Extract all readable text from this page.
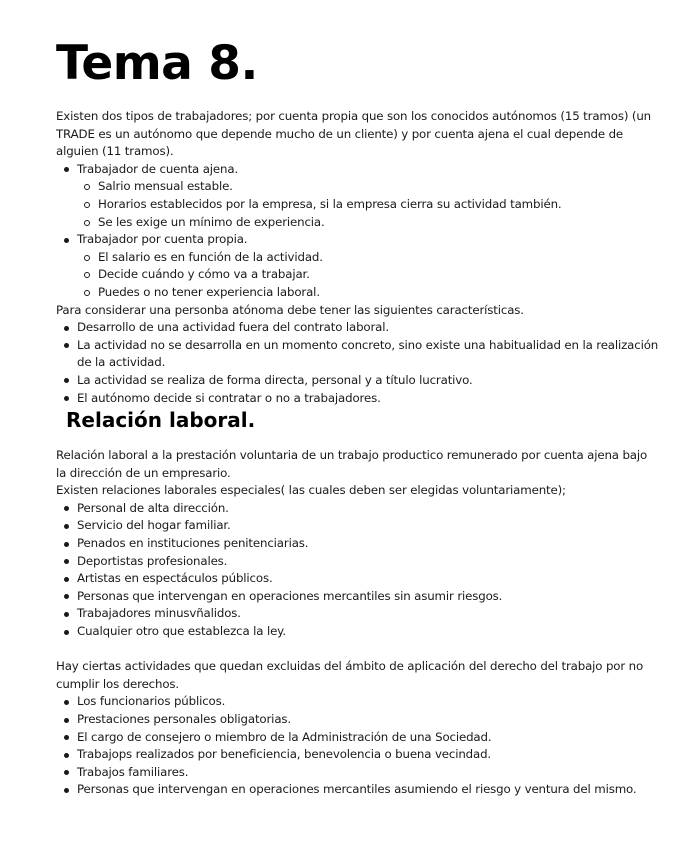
Tema 8.

Existen dos tipos de trabajadores; por cuenta propia que son los conocidos autónomos (15 tramos) (un TRADE es un autónomo que depende mucho de un cliente) y por cuenta ajena el cual depende de alguien (11 tramos).

Trabajador de cuenta ajena.
Salrio mensual estable.
Horarios establecidos por la empresa, si la empresa cierra su actividad también.
Se les exige un mínimo de experiencia.
Trabajador por cuenta propia.
El salario es en función de la actividad.
Decide cuándo y cómo va a trabajar.
Puedes o no tener experiencia laboral.

Para considerar una personba atónoma debe tener las siguientes características.

Desarrollo de una actividad fuera del contrato laboral.
La actividad no se desarrolla en un momento concreto, sino existe una habitualidad en la realización de la actividad.
La actividad se realiza de forma directa, personal y a título lucrativo.
El autónomo decide si contratar o no a trabajadores.
Relación laboral.

Relación laboral a la prestación voluntaria de un trabajo productico remunerado por cuenta ajena bajo la dirección de un empresario.

Existen relaciones laborales especiales( las cuales deben ser elegidas voluntariamente);

Personal de alta dirección.
Servicio del hogar familiar.
Penados en instituciones penitenciarias.
Deportistas profesionales.
Artistas en espectáculos públicos.
Personas que intervengan en operaciones mercantiles sin asumir riesgos.
Trabajadores minusvñalidos.
Cualquier otro que establezca la ley.

Hay ciertas actividades que quedan excluidas del ámbito de aplicación del derecho del trabajo por no cumplir los derechos.

Los funcionarios públicos.
Prestaciones personales obligatorias.
El cargo de consejero o miembro de la Administración de una Sociedad.
Trabajops realizados por beneficiencia, benevolencia o buena vecindad.
Trabajos familiares.
Personas que intervengan en operaciones mercantiles asumiendo el riesgo y ventura del mismo.
